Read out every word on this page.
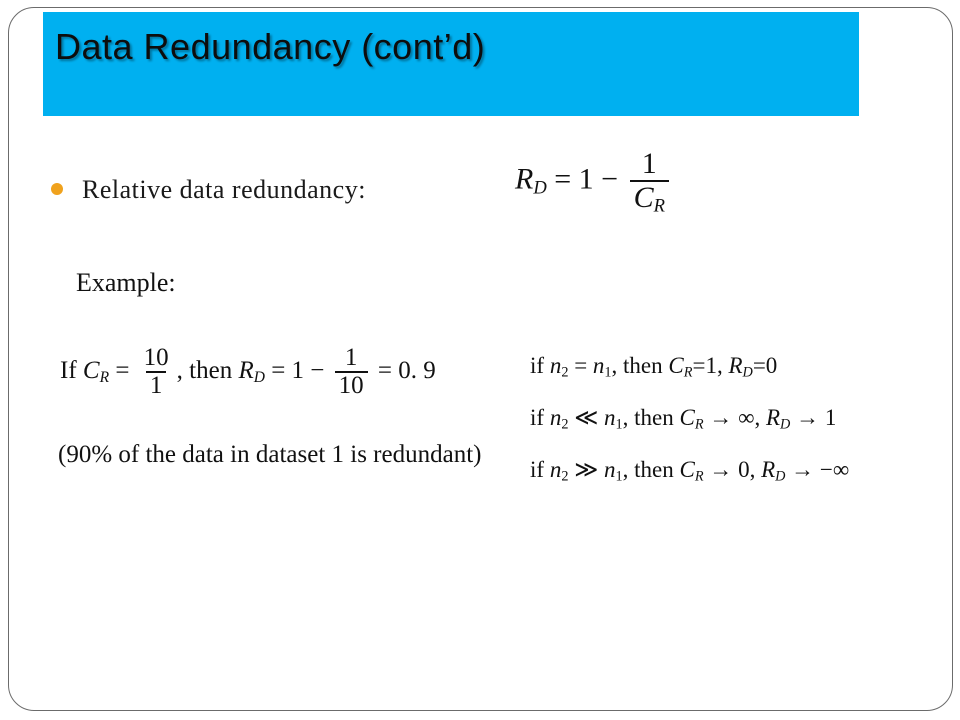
Data Redundancy (cont’d)
Relative data redundancy:	$R_D = 1 - \frac{1}{C_R}$
Example:
If $C_R = \frac{10}{1}$ , then $R_D = 1 - \frac{1}{10} = 0$. 9
(90% of the data in dataset 1 is redundant)
if $n_2 = n_1$, then $C_R=1$, $R_D=0$
if $n_2$ ≪ $n_1$, then $C_R$ → ∞, $R_D \to 1$
if $n_2$ ≫ $n_1$, then $C_R \to 0$, $R_D$ → −∞
